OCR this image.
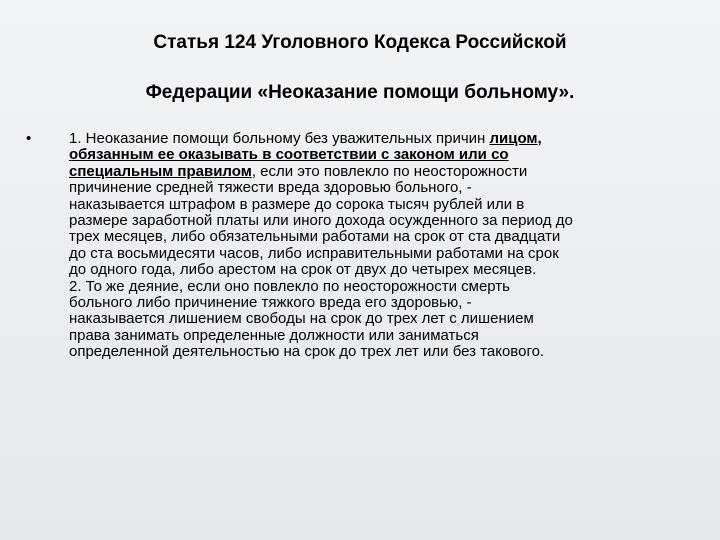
Статья 124 Уголовного Кодекса Российской
Федерации «Неоказание помощи больному».
•	1. Неоказание помощи больному без уважительных причин лицом,
обязанным ее оказывать в соответствии с законом или со
специальным правилом, если это повлекло по неосторожности
причинение средней тяжести вреда здоровью больного, -
наказывается штрафом в размере до сорока тысяч рублей или в
размере заработной платы или иного дохода осужденного за период до
трех месяцев, либо обязательными работами на срок от ста двадцати
до ста восьмидесяти часов, либо исправительными работами на срок
до одного года, либо арестом на срок от двух до четырех месяцев.
2. То же деяние, если оно повлекло по неосторожности смерть
больного либо причинение тяжкого вреда его здоровью, -
наказывается лишением свободы на срок до трех лет с лишением
права занимать определенные должности или заниматься
определенной деятельностью на срок до трех лет или без такового.
